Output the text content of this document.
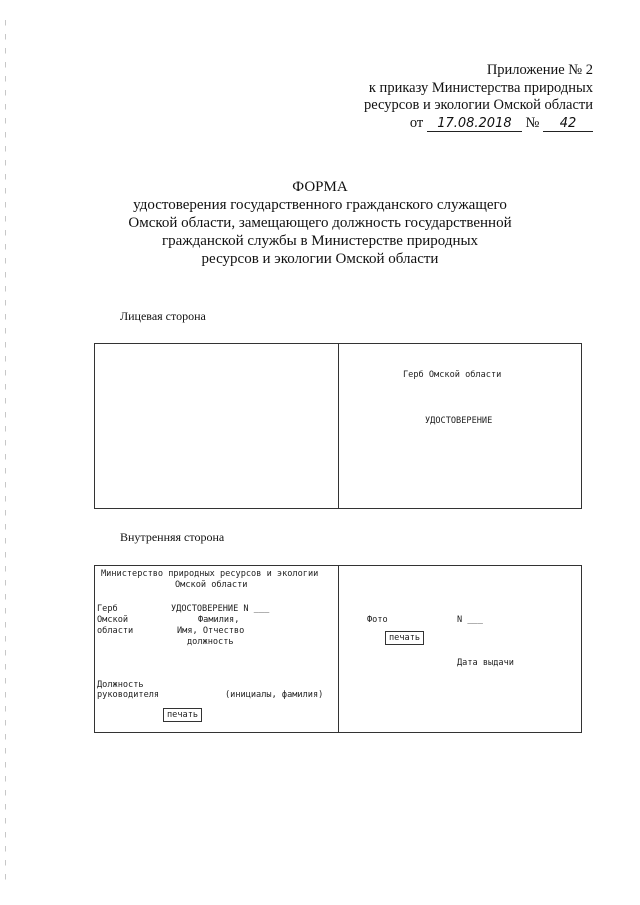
Приложение № 2
к приказу Министерства природных
ресурсов и экологии Омской области
от 17.08.2018 № 42
ФОРМА
удостоверения государственного гражданского служащего
Омской области, замещающего должность государственной
гражданской службы в Министерстве природных
ресурсов и экологии Омской области
Лицевая сторона
Герб Омской области
УДОСТОВЕРЕНИЕ
Внутренняя сторона
Министерство природных ресурсов и экологии
Омской области
Герб
Омской
области
УДОСТОВЕРЕНИЕ N ___
Фамилия,
Имя, Отчество
должность
Должность
руководителя	(инициалы, фамилия)
печать
Фото	N ___
печать
Дата выдачи
